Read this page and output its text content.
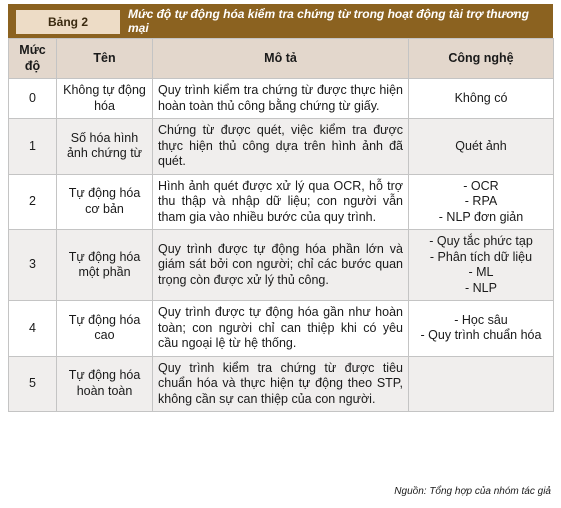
Bảng 2
Mức độ tự động hóa kiểm tra chứng từ trong hoạt động tài trợ thương mại
Mức độ	Tên	Mô tả	Công nghệ
0	Không tự động hóa	Quy trình kiểm tra chứng từ được thực hiện hoàn toàn thủ công bằng chứng từ giấy.	Không có

1	Số hóa hình ảnh chứng từ	Chứng từ được quét, việc kiểm tra được thực hiện thủ công dựa trên hình ảnh đã quét.	Quét ảnh

2	Tự động hóa cơ bản	Hình ảnh quét được xử lý qua OCR, hỗ trợ thu thập và nhập dữ liệu; con người vẫn tham gia vào nhiều bước của quy trình.	- OCR
- RPA
- NLP đơn giản

3	Tự động hóa một phần	Quy trình được tự động hóa phần lớn và giám sát bởi con người; chỉ các bước quan trọng còn được xử lý thủ công.	- Quy tắc phức tạp
- Phân tích dữ liệu
- ML
- NLP

4	Tự động hóa cao	Quy trình được tự động hóa gần như hoàn toàn; con người chỉ can thiệp khi có yêu cầu ngoại lệ từ hệ thống.	- Học sâu
- Quy trình chuẩn hóa

5	Tự động hóa hoàn toàn	Quy trình kiểm tra chứng từ được tiêu chuẩn hóa và thực hiện tự động theo STP, không cần sự can thiệp của con người.	
Nguồn: Tổng hợp của nhóm tác giả
